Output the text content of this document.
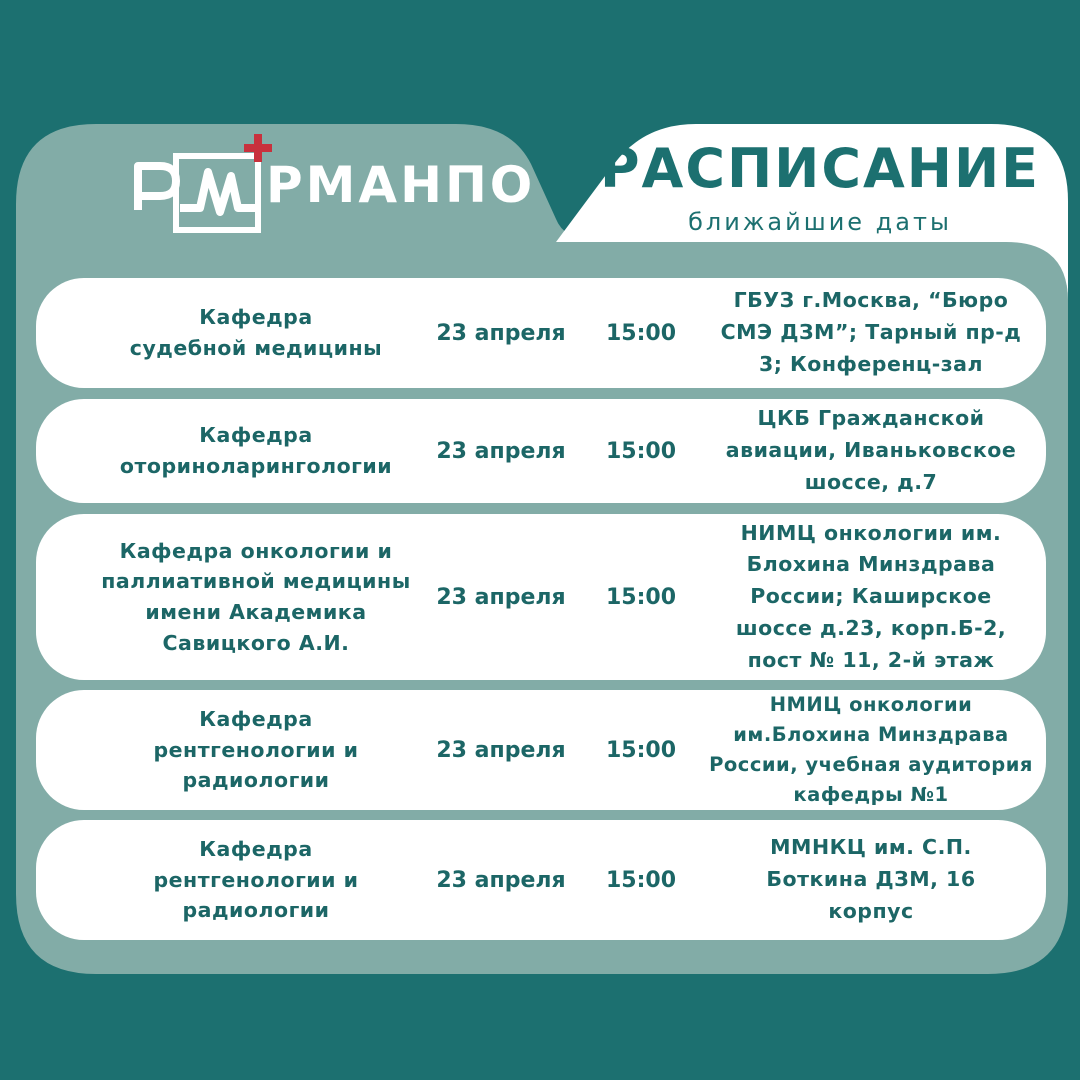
РМАНПО	РАСПИСАНИЕ
ближайшие даты
Кафедра
судебной медицины
23 апреля	15:00
ГБУЗ г.Москва, “Бюро
СМЭ ДЗМ”; Тарный пр-д
3; Конференц-зал
Кафедра
оториноларингологии
23 апреля	15:00
ЦКБ Гражданской
авиации, Иваньковское
шоссе, д.7
Кафедра онкологии и
паллиативной медицины
имени Академика
Савицкого А.И.
23 апреля	15:00
НИМЦ онкологии им.
Блохина Минздрава
России; Каширское
шоссе д.23, корп.Б-2,
пост № 11, 2-й этаж
Кафедра
рентгенологии и
радиологии
23 апреля	15:00
НМИЦ онкологии
им.Блохина Минздрава
России, учебная аудитория
кафедры №1
Кафедра
рентгенологии и
радиологии
23 апреля	15:00
ММНКЦ им. С.П.
Боткина ДЗМ, 16
корпус
